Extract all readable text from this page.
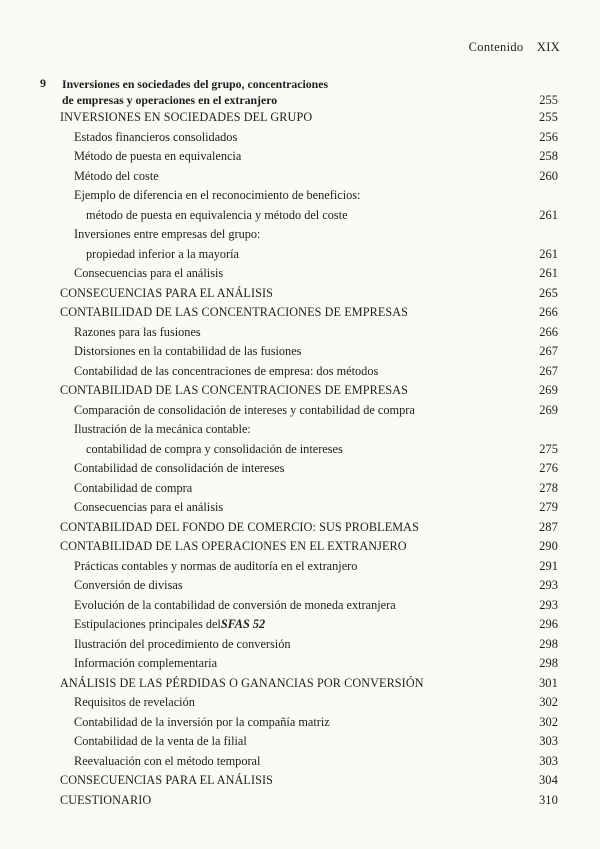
Contenido XIX
9 Inversiones en sociedades del grupo, concentraciones
de empresas y operaciones en el extranjero	255
INVERSIONES EN SOCIEDADES DEL GRUPO	255
Estados financieros consolidados	256
Método de puesta en equivalencia	258
Método del coste	260
Ejemplo de diferencia en el reconocimiento de beneficios:
método de puesta en equivalencia y método del coste	261
Inversiones entre empresas del grupo:
propiedad inferior a la mayoría	261
Consecuencias para el análisis	261
CONSECUENCIAS PARA EL ANÁLISIS	265
CONTABILIDAD DE LAS CONCENTRACIONES DE EMPRESAS	266
Razones para las fusiones	266
Distorsiones en la contabilidad de las fusiones	267
Contabilidad de las concentraciones de empresa: dos métodos	267
CONTABILIDAD DE LAS CONCENTRACIONES DE EMPRESAS	269
Comparación de consolidación de intereses y contabilidad de compra	269
Ilustración de la mecánica contable:
contabilidad de compra y consolidación de intereses	275
Contabilidad de consolidación de intereses	276
Contabilidad de compra	278
Consecuencias para el análisis	279
CONTABILIDAD DEL FONDO DE COMERCIO: SUS PROBLEMAS	287
CONTABILIDAD DE LAS OPERACIONES EN EL EXTRANJERO	290
Prácticas contables y normas de auditoría en el extranjero	291
Conversión de divisas	293
Evolución de la contabilidad de conversión de moneda extranjera	293
Estipulaciones principales del SFAS 52	296
Ilustración del procedimiento de conversión	298
Información complementaria	298
ANÁLISIS DE LAS PÉRDIDAS O GANANCIAS POR CONVERSIÓN	301
Requisitos de revelación	302
Contabilidad de la inversión por la compañía matriz	302
Contabilidad de la venta de la filial	303
Reevaluación con el método temporal	303
CONSECUENCIAS PARA EL ANÁLISIS	304
CUESTIONARIO	310
